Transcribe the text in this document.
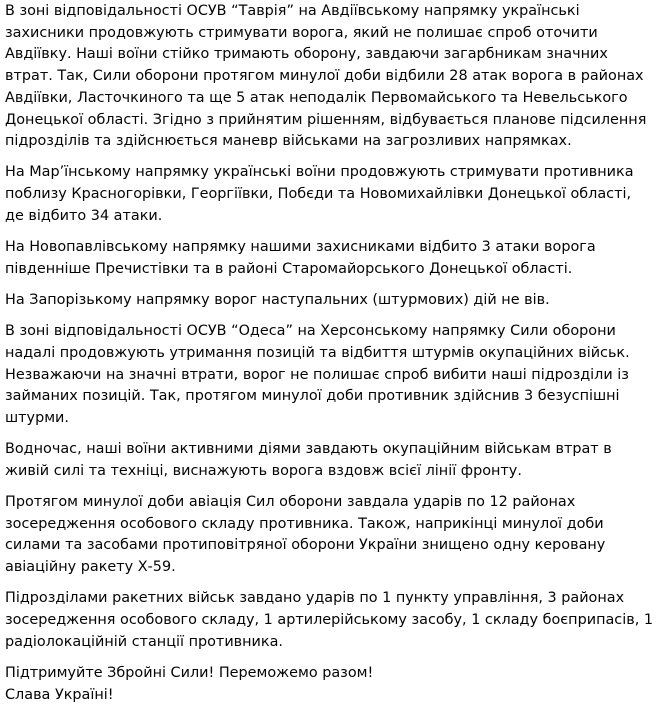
В зоні відповідальності ОСУВ “Таврія” на Авдіївському напрямку українські захисники продовжують стримувати ворога, який не полишає спроб оточити Авдіївку. Наші воїни стійко тримають оборону, завдаючи загарбникам значних втрат. Так, Сили оборони протягом минулої доби відбили 28 атак ворога в районах Авдіївки, Ласточкиного та ще 5 атак неподалік Первомайського та Невельського Донецької області. Згідно з прийнятим рішенням, відбувається планове підсилення підрозділів та здійснюється маневр військами на загрозливих напрямках.

На Мар’їнському напрямку українські воїни продовжують стримувати противника поблизу Красногорівки, Георгіївки, Побєди та Новомихайлівки Донецької області, де відбито 34 атаки.

На Новопавлівському напрямку нашими захисниками відбито 3 атаки ворога південніше Пречистівки та в районі Старомайорського Донецької області.

На Запорізькому напрямку ворог наступальних (штурмових) дій не вів.

В зоні відповідальності ОСУВ “Одеса” на Херсонському напрямку Сили оборони надалі продовжують утримання позицій та відбиття штурмів окупаційних військ. Незважаючи на значні втрати, ворог не полишає спроб вибити наші підрозділи із займаних позицій. Так, протягом минулої доби противник здійснив 3 безуспішні штурми.

Водночас, наші воїни активними діями завдають окупаційним військам втрат в живій силі та техніці, виснажують ворога вздовж всієї лінії фронту.

Протягом минулої доби авіація Сил оборони завдала ударів по 12 районах зосередження особового складу противника. Також, наприкінці минулої доби силами та засобами протиповітряної оборони України знищено одну керовану авіаційну ракету Х-59.

Підрозділами ракетних військ завдано ударів по 1 пункту управління, 3 районах зосередження особового складу, 1 артилерійському засобу, 1 складу боєприпасів, 1 радіолокаційній станції противника.

Підтримуйте Збройні Сили! Переможемо разом!
Слава Україні!
